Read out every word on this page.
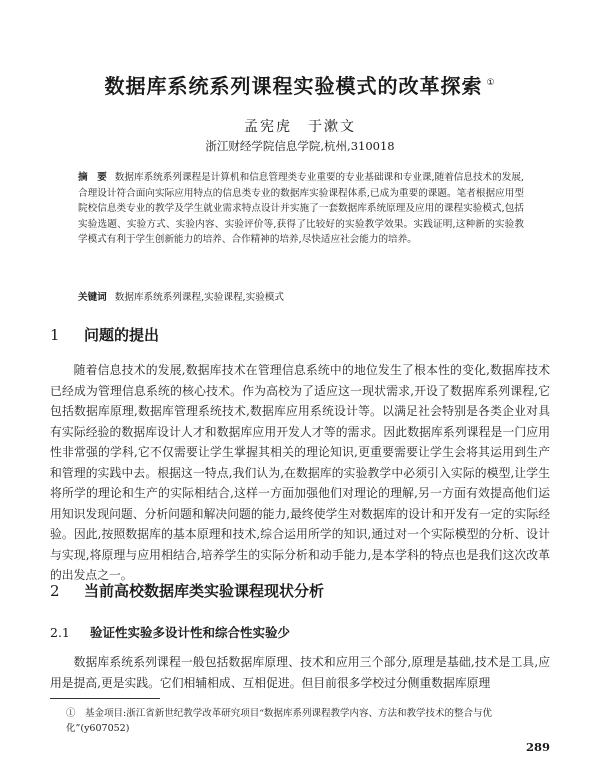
数据库系统系列课程实验模式的改革探索 ①
孟宪虎　于漱文
浙江财经学院信息学院,杭州,310018
摘　要 数据库系统系列课程是计算机和信息管理类专业重要的专业基础课和专业课,随着信息技术的发展,合理设计符合面向实际应用特点的信息类专业的数据库实验课程体系,已成为重要的课题。笔者根据应用型院校信息类专业的教学及学生就业需求特点设计并实施了一套数据库系统原理及应用的课程实验模式,包括实验选题、实验方式、实验内容、实验评价等,获得了比较好的实验教学效果。实践证明,这种新的实验教学模式有利于学生创新能力的培养、合作精神的培养,尽快适应社会能力的培养。
关键词 数据库系统系列课程,实验课程,实验模式
1 问题的提出

随着信息技术的发展,数据库技术在管理信息系统中的地位发生了根本性的变化,数据库技术已经成为管理信息系统的核心技术。作为高校为了适应这一现状需求,开设了数据库系列课程,它包括数据库原理,数据库管理系统技术,数据库应用系统设计等。以满足社会特别是各类企业对具有实际经验的数据库设计人才和数据库应用开发人才等的需求。因此数据库系列课程是一门应用性非常强的学科,它不仅需要让学生掌握其相关的理论知识,更重要需要让学生会将其运用到生产和管理的实践中去。根据这一特点,我们认为,在数据库的实验教学中必须引入实际的模型,让学生将所学的理论和生产的实际相结合,这样一方面加强他们对理论的理解,另一方面有效提高他们运用知识发现问题、分析问题和解决问题的能力,最终使学生对数据库的设计和开发有一定的实际经验。因此,按照数据库的基本原理和技术,综合运用所学的知识,通过对一个实际模型的分析、设计与实现,将原理与应用相结合,培养学生的实际分析和动手能力,是本学科的特点也是我们这次改革的出发点之一。

2 当前高校数据库类实验课程现状分析
2.1 验证性实验多设计性和综合性实验少

数据库系统系列课程一般包括数据库原理、技术和应用三个部分,原理是基础,技术是工具,应用是提高,更是实践。它们相辅相成、互相促进。但目前很多学校过分侧重数据库原理

①　基金项目:浙江省新世纪教学改革研究项目“数据库系列课程教学内容、方法和教学技术的整合与优化”(y607052)
289
